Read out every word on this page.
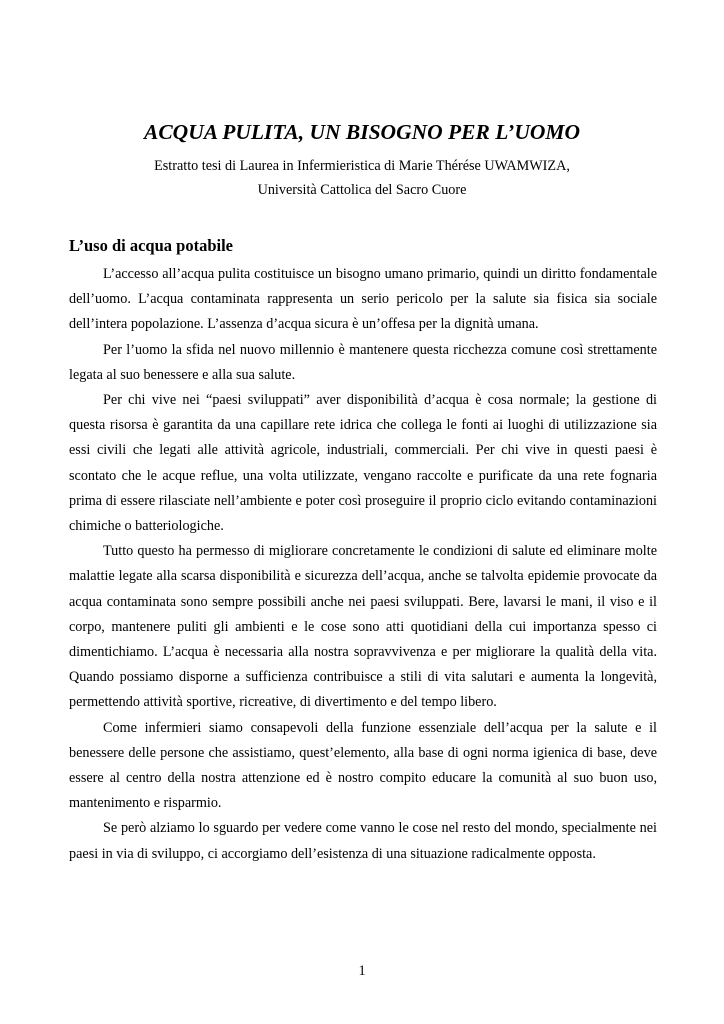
ACQUA PULITA, UN BISOGNO PER L’UOMO
Estratto tesi di Laurea in Infermieristica di Marie Thérése UWAMWIZA,
Università Cattolica del Sacro Cuore
L’uso di acqua potabile

L’accesso all’acqua pulita costituisce un bisogno umano primario, quindi un diritto fondamentale dell’uomo. L’acqua contaminata rappresenta un serio pericolo per la salute sia fisica sia sociale dell’intera popolazione. L’assenza d’acqua sicura è un’offesa per la dignità umana.

Per l’uomo la sfida nel nuovo millennio è mantenere questa ricchezza comune così strettamente legata al suo benessere e alla sua salute.

Per chi vive nei “paesi sviluppati” aver disponibilità d’acqua è cosa normale; la gestione di questa risorsa è garantita da una capillare rete idrica che collega le fonti ai luoghi di utilizzazione sia essi civili che legati alle attività agricole, industriali, commerciali. Per chi vive in questi paesi è scontato che le acque reflue, una volta utilizzate, vengano raccolte e purificate da una rete fognaria prima di essere rilasciate nell’ambiente e poter così proseguire il proprio ciclo evitando contaminazioni chimiche o batteriologiche.

Tutto questo ha permesso di migliorare concretamente le condizioni di salute ed eliminare molte malattie legate alla scarsa disponibilità e sicurezza dell’acqua, anche se talvolta epidemie provocate da acqua contaminata sono sempre possibili anche nei paesi sviluppati. Bere, lavarsi le mani, il viso e il corpo, mantenere puliti gli ambienti e le cose sono atti quotidiani della cui importanza spesso ci dimentichiamo. L’acqua è necessaria alla nostra sopravvivenza e per migliorare la qualità della vita. Quando possiamo disporne a sufficienza contribuisce a stili di vita salutari e aumenta la longevità, permettendo attività sportive, ricreative, di divertimento e del tempo libero.

Come infermieri siamo consapevoli della funzione essenziale dell’acqua per la salute e il benessere delle persone che assistiamo, quest’elemento, alla base di ogni norma igienica di base, deve essere al centro della nostra attenzione ed è nostro compito educare la comunità al suo buon uso, mantenimento e risparmio.

Se però alziamo lo sguardo per vedere come vanno le cose nel resto del mondo, specialmente nei paesi in via di sviluppo, ci accorgiamo dell’esistenza di una situazione radicalmente opposta.

1
